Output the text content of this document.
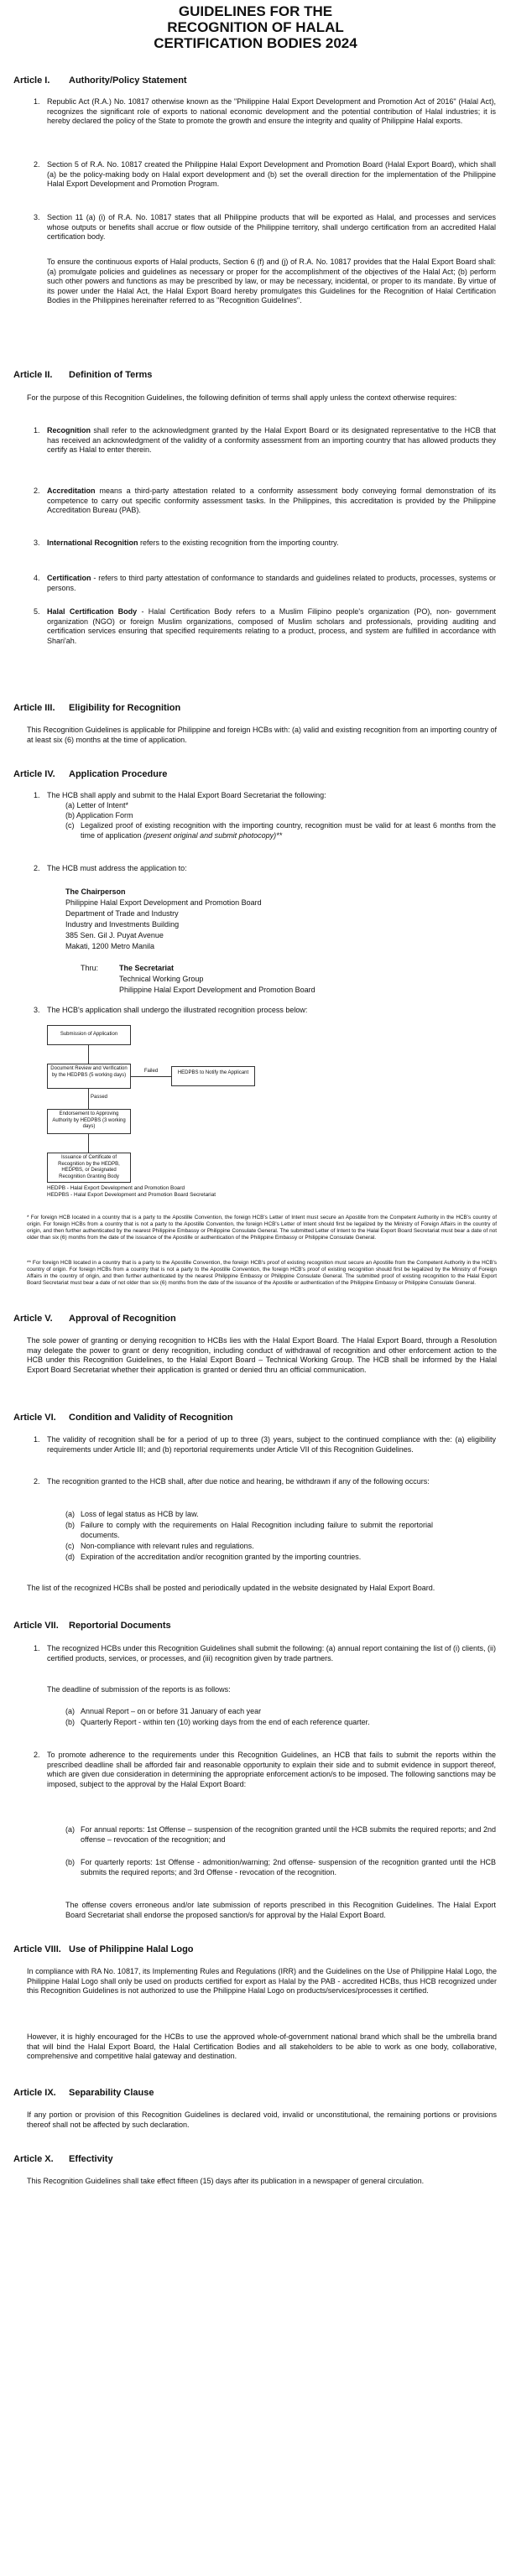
GUIDELINES FOR THE
RECOGNITION OF HALAL
CERTIFICATION BODIES 2024
Article I. Authority/Policy Statement
1. Republic Act (R.A.) No. 10817 otherwise known as the "Philippine Halal Export Development and Promotion Act of 2016" (Halal Act), recognizes the significant role of exports to national economic development and the potential contribution of Halal industries; it is hereby declared the policy of the State to promote the growth and ensure the integrity and quality of Philippine Halal exports.
2. Section 5 of R.A. No. 10817 created the Philippine Halal Export Development and Promotion Board (Halal Export Board), which shall (a) be the policy-making body on Halal export development and (b) set the overall direction for the implementation of the Philippine Halal Export Development and Promotion Program.
3. Section 11 (a) (i) of R.A. No. 10817 states that all Philippine products that will be exported as Halal, and processes and services whose outputs or benefits shall accrue or flow outside of the Philippine territory, shall undergo certification from an accredited Halal certification body.
To ensure the continuous exports of Halal products, Section 6 (f) and (j) of R.A. No. 10817 provides that the Halal Export Board shall: (a) promulgate policies and guidelines as necessary or proper for the accomplishment of the objectives of the Halal Act; (b) perform such other powers and functions as may be prescribed by law, or may be necessary, incidental, or proper to its mandate. By virtue of its power under the Halal Act, the Halal Export Board hereby promulgates this Guidelines for the Recognition of Halal Certification Bodies in the Philippines hereinafter referred to as "Recognition Guidelines".
Article II. Definition of Terms
For the purpose of this Recognition Guidelines, the following definition of terms shall apply unless the context otherwise requires:
1. Recognition shall refer to the acknowledgment granted by the Halal Export Board or its designated representative to the HCB that has received an acknowledgment of the validity of a conformity assessment from an importing country that has allowed products they certify as Halal to enter therein.
2. Accreditation means a third-party attestation related to a conformity assessment body conveying formal demonstration of its competence to carry out specific conformity assessment tasks. In the Philippines, this accreditation is provided by the Philippine Accreditation Bureau (PAB).
3. International Recognition refers to the existing recognition from the importing country.
4. Certification - refers to third party attestation of conformance to standards and guidelines related to products, processes, systems or persons.
5. Halal Certification Body - Halal Certification Body refers to a Muslim Filipino people's organization (PO), non- government organization (NGO) or foreign Muslim organizations, composed of Muslim scholars and professionals, providing auditing and certification services ensuring that specified requirements relating to a product, process, and system are fulfilled in accordance with Shari'ah.
Article III. Eligibility for Recognition
This Recognition Guidelines is applicable for Philippine and foreign HCBs with: (a) valid and existing recognition from an importing country of at least six (6) months at the time of application.
Article IV. Application Procedure
1. The HCB shall apply and submit to the Halal Export Board Secretariat the following:
(a) Letter of Intent*
(b) Application Form
(c) Legalized proof of existing recognition with the importing country, recognition must be valid for at least 6 months from the time of application (present original and submit photocopy)**
2. The HCB must address the application to:
The Chairperson
Philippine Halal Export Development and Promotion Board
Department of Trade and Industry
Industry and Investments Building
385 Sen. Gil J. Puyat Avenue
Makati, 1200 Metro Manila
Thru:	The Secretariat
Technical Working Group
Philippine Halal Export Development and Promotion Board
3. The HCB's application shall undergo the illustrated recognition process below:
Submission of Application
Document Review and Verification by the HEDPBS (5 working days)
Failed	HEDPBS to Notify the Applicant
Passed
Endorsement to Approving Authority by HEDPBS (3 working days)
Issuance of Certificate of Recognition by the HEDPB, HEDPBS, or Designated Recognition Granting Body
HEDPB - Halal Export Development and Promotion Board
HEDPBS - Halal Export Development and Promotion Board Secretariat
* For foreign HCB located in a country that is a party to the Apostille Convention, the foreign HCB's Letter of Intent must secure an Apostille from the Competent Authority in the HCB's country of origin. For foreign HCBs from a country that is not a party to the Apostille Convention, the foreign HCB's Letter of Intent should first be legalized by the Ministry of Foreign Affairs in the country of origin, and then further authenticated by the nearest Philippine Embassy or Philippine Consulate General. The submitted Letter of Intent to the Halal Export Board Secretariat must bear a date of not older than six (6) months from the date of the issuance of the Apostille or authentication of the Philippine Embassy or Philippine Consulate General.
** For foreign HCB located in a country that is a party to the Apostille Convention, the foreign HCB's proof of existing recognition must secure an Apostille from the Competent Authority in the HCB's country of origin. For foreign HCBs from a country that is not a party to the Apostille Convention, the foreign HCB's proof of existing recognition should first be legalized by the Ministry of Foreign Affairs in the country of origin, and then further authenticated by the nearest Philippine Embassy or Philippine Consulate General. The submitted proof of existing recognition to the Halal Export Board Secretariat must bear a date of not older than six (6) months from the date of the issuance of the Apostille or authentication of the Philippine Embassy or Philippine Consulate General.
Article V. Approval of Recognition
The sole power of granting or denying recognition to HCBs lies with the Halal Export Board. The Halal Export Board, through a Resolution may delegate the power to grant or deny recognition, including conduct of withdrawal of recognition and other enforcement action to the HCB under this Recognition Guidelines, to the Halal Export Board – Technical Working Group. The HCB shall be informed by the Halal Export Board Secretariat whether their application is granted or denied thru an official communication.
Article VI. Condition and Validity of Recognition
1. The validity of recognition shall be for a period of up to three (3) years, subject to the continued compliance with the: (a) eligibility requirements under Article III; and (b) reportorial requirements under Article VII of this Recognition Guidelines.
2. The recognition granted to the HCB shall, after due notice and hearing, be withdrawn if any of the following occurs:
(a) Loss of legal status as HCB by law.
(b) Failure to comply with the requirements on Halal Recognition including failure to submit the reportorial documents.
(c) Non-compliance with relevant rules and regulations.
(d) Expiration of the accreditation and/or recognition granted by the importing countries.
The list of the recognized HCBs shall be posted and periodically updated in the website designated by Halal Export Board.
Article VII. Reportorial Documents
1. The recognized HCBs under this Recognition Guidelines shall submit the following: (a) annual report containing the list of (i) clients, (ii) certified products, services, or processes, and (iii) recognition given by trade partners.
The deadline of submission of the reports is as follows:
(a) Annual Report – on or before 31 January of each year
(b) Quarterly Report - within ten (10) working days from the end of each reference quarter.
2. To promote adherence to the requirements under this Recognition Guidelines, an HCB that fails to submit the reports within the prescribed deadline shall be afforded fair and reasonable opportunity to explain their side and to submit evidence in support thereof, which are given due consideration in determining the appropriate enforcement action/s to be imposed. The following sanctions may be imposed, subject to the approval by the Halal Export Board:
(a) For annual reports: 1st Offense – suspension of the recognition granted until the HCB submits the required reports; and 2nd offense – revocation of the recognition; and
(b) For quarterly reports: 1st Offense - admonition/warning; 2nd offense- suspension of the recognition granted until the HCB submits the required reports; and 3rd Offense - revocation of the recognition.
The offense covers erroneous and/or late submission of reports prescribed in this Recognition Guidelines. The Halal Export Board Secretariat shall endorse the proposed sanction/s for approval by the Halal Export Board.
Article VIII. Use of Philippine Halal Logo
In compliance with RA No. 10817, its Implementing Rules and Regulations (IRR) and the Guidelines on the Use of Philippine Halal Logo, the Philippine Halal Logo shall only be used on products certified for export as Halal by the PAB - accredited HCBs, thus HCB recognized under this Recognition Guidelines is not authorized to use the Philippine Halal Logo on products/services/processes it certified.
However, it is highly encouraged for the HCBs to use the approved whole-of-government national brand which shall be the umbrella brand that will bind the Halal Export Board, the Halal Certification Bodies and all stakeholders to be able to work as one body, collaborative, comprehensive and competitive halal gateway and destination.
Article IX. Separability Clause
If any portion or provision of this Recognition Guidelines is declared void, invalid or unconstitutional, the remaining portions or provisions thereof shall not be affected by such declaration.
Article X. Effectivity
This Recognition Guidelines shall take effect fifteen (15) days after its publication in a newspaper of general circulation.
